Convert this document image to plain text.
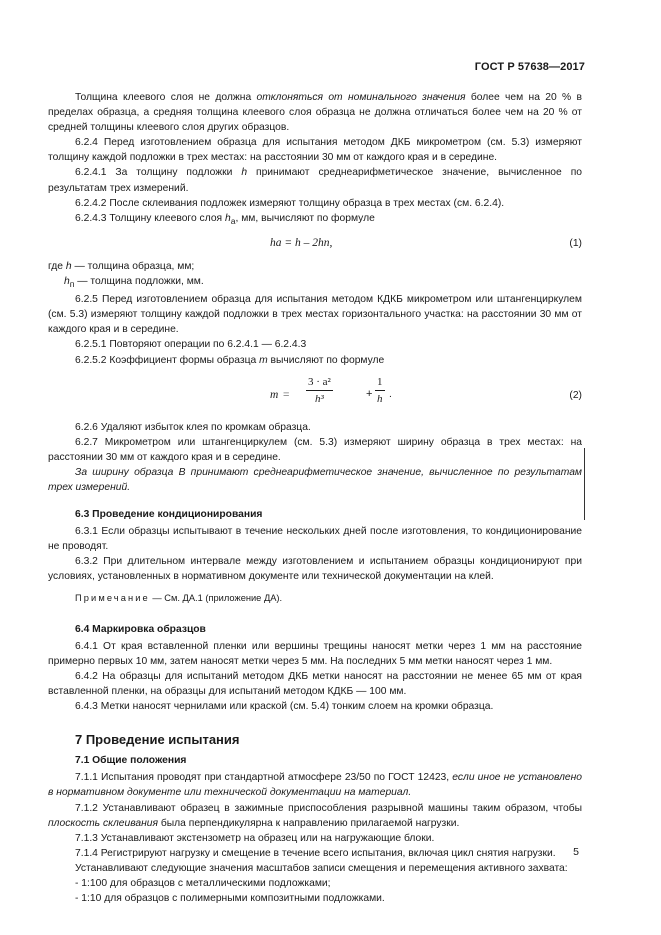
ГОСТ Р 57638—2017

Толщина клеевого слоя не должна отклоняться от номинального значения более чем на 20 % в пределах образца, а средняя толщина клеевого слоя образца не должна отличаться более чем на 20 % от средней толщины клеевого слоя других образцов.

6.2.4 Перед изготовлением образца для испытания методом ДКБ микрометром (см. 5.3) измеряют толщину каждой подложки в трех местах: на расстоянии 30 мм от каждого края и в середине.

6.2.4.1 За толщину подложки h принимают среднеарифметическое значение, вычисленное по результатам трех измерений.

6.2.4.2 После склеивания подложек измеряют толщину образца в трех местах (см. 6.2.4).

6.2.4.3 Толщину клеевого слоя $h_а$, мм, вычисляют по формуле

ha = h – 2hп,	(1)

где h — толщина образца, мм;

$h_п$ — толщина подложки, мм.

6.2.5 Перед изготовлением образца для испытания методом КДКБ микрометром или штангенциркулем (см. 5.3) измеряют толщину каждой подложки в трех местах горизонтального участка: на расстоянии 30 мм от каждого края и в середине.

6.2.5.1 Повторяют операции по 6.2.4.1 — 6.2.4.3

6.2.5.2 Коэффициент формы образца m вычисляют по формуле

$m = \frac{\text{3 · a²}}{\text{h³}}$	+ $\frac{1}{h}$ .	(2)

6.2.6 Удаляют избыток клея по кромкам образца.

6.2.7 Микрометром или штангенциркулем (см. 5.3) измеряют ширину образца в трех местах: на расстоянии 30 мм от каждого края и в середине.

За ширину образца B принимают среднеарифметическое значение, вычисленное по результатам трех измерений.

6.3 Проведение кондиционирования

6.3.1 Если образцы испытывают в течение нескольких дней после изготовления, то кондиционирование не проводят.

6.3.2 При длительном интервале между изготовлением и испытанием образцы кондиционируют при условиях, установленных в нормативном документе или технической документации на клей.

Примечание — См. ДА.1 (приложение ДА).

6.4 Маркировка образцов

6.4.1 От края вставленной пленки или вершины трещины наносят метки через 1 мм на расстояние примерно первых 10 мм, затем наносят метки через 5 мм. На последних 5 мм метки наносят через 1 мм.

6.4.2 На образцы для испытаний методом ДКБ метки наносят на расстоянии не менее 65 мм от края вставленной пленки, на образцы для испытаний методом КДКБ — 100 мм.

6.4.3 Метки наносят чернилами или краской (см. 5.4) тонким слоем на кромки образца.

7 Проведение испытания

7.1 Общие положения

7.1.1 Испытания проводят при стандартной атмосфере 23/50 по ГОСТ 12423, если иное не установлено в нормативном документе или технической документации на материал.

7.1.2 Устанавливают образец в зажимные приспособления разрывной машины таким образом, чтобы плоскость склеивания была перпендикулярна к направлению прилагаемой нагрузки.

7.1.3 Устанавливают экстензометр на образец или на нагружающие блоки.

7.1.4 Регистрируют нагрузку и смещение в течение всего испытания, включая цикл снятия нагрузки.

Устанавливают следующие значения масштабов записи смещения и перемещения активного захвата:

- 1:100 для образцов с металлическими подложками;

- 1:10 для образцов с полимерными композитными подложками.

5
